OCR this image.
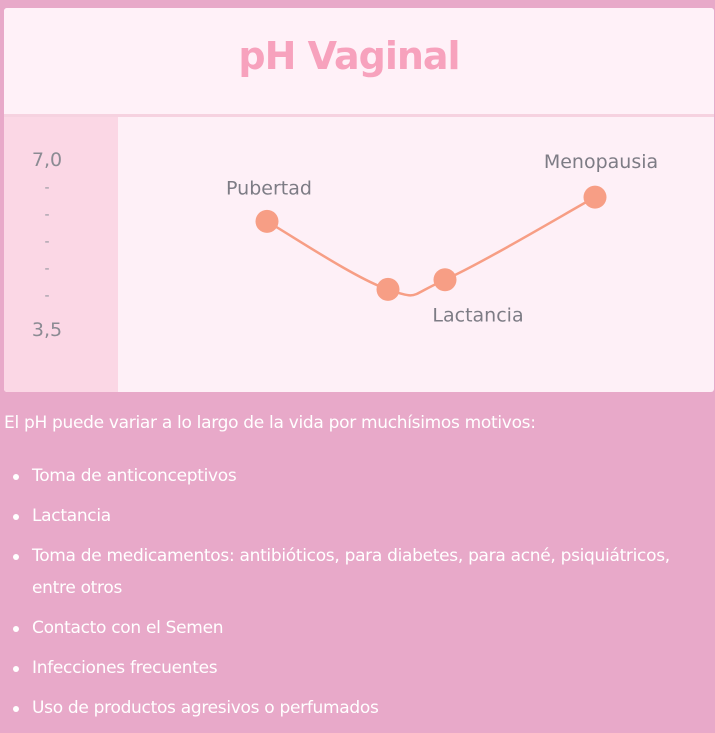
pH Vaginal
7,0
-
-
-
-
-
3,5
Pubertad
Lactancia
Menopausia
El pH puede variar a lo largo de la vida por muchísimos motivos:
Toma de anticonceptivos
Lactancia
Toma de medicamentos: antibióticos, para diabetes, para acné, psiquiátricos, entre otros
Contacto con el Semen
Infecciones frecuentes
Uso de productos agresivos o perfumados
